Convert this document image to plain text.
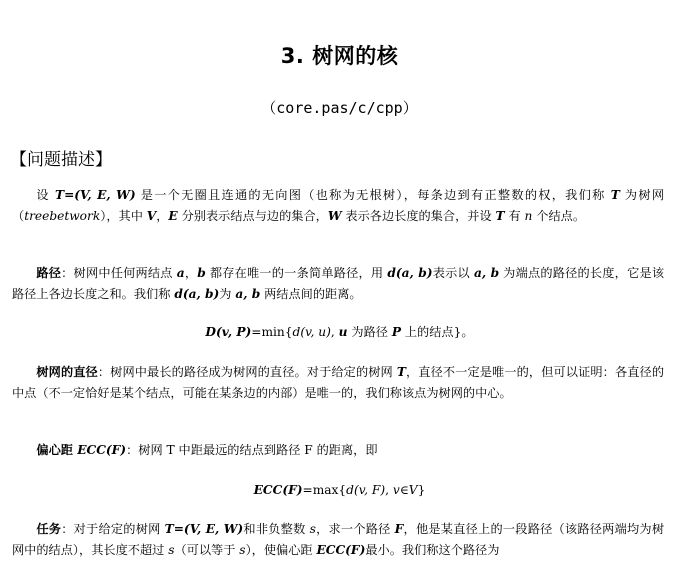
3. 树网的核
（core.pas/c/cpp）
【问题描述】
设 T=(V, E, W) 是一个无圈且连通的无向图（也称为无根树），每条边到有正整数的权，我们称 T 为树网（treebetwork），其中 V，E 分别表示结点与边的集合，W 表示各边长度的集合，并设 T 有 n 个结点。
路径：树网中任何两结点 a，b 都存在唯一的一条简单路径，用 d(a, b)表示以 a, b 为端点的路径的长度，它是该路径上各边长度之和。我们称 d(a, b)为 a, b 两结点间的距离。
D(v, P)=min{d(v, u), u 为路径 P 上的结点}。
树网的直径：树网中最长的路径成为树网的直径。对于给定的树网 T，直径不一定是唯一的，但可以证明：各直径的中点（不一定恰好是某个结点，可能在某条边的内部）是唯一的，我们称该点为树网的中心。
偏心距 ECC(F)：树网 T 中距最远的结点到路径 F 的距离，即
ECC(F)=max{d(v, F), v∈V}
任务：对于给定的树网 T=(V, E, W)和非负整数 s，求一个路径 F，他是某直径上的一段路径（该路径两端均为树网中的结点），其长度不超过 s（可以等于 s），使偏心距 ECC(F)最小。我们称这个路径为
